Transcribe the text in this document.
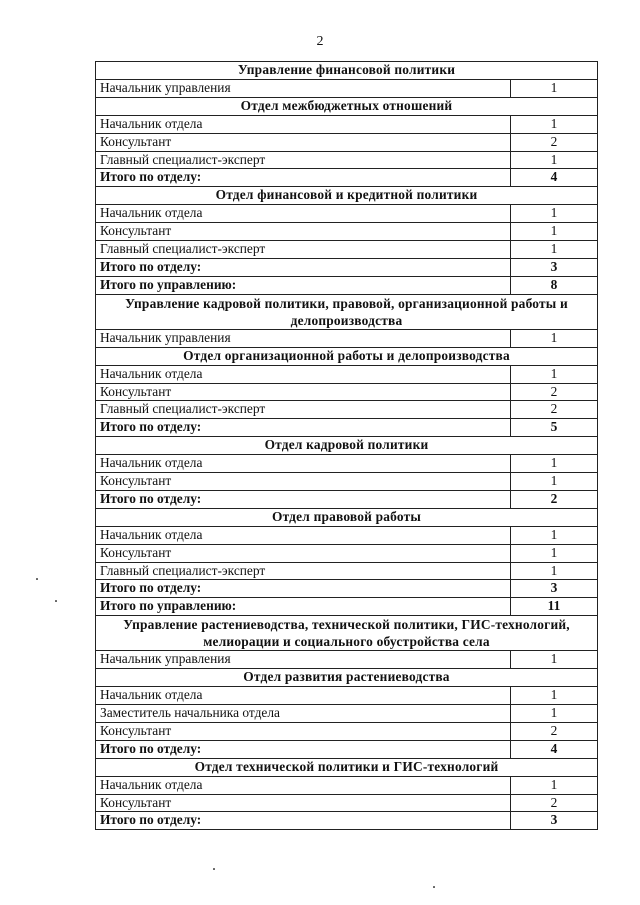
2
Управление финансовой политики	
Начальник управления	1
Отдел межбюджетных отношений	
Начальник отдела	1
Консультант	2
Главный специалист-эксперт	1
Итого по отделу:	4
Отдел финансовой и кредитной политики	
Начальник отдела	1
Консультант	1
Главный специалист-эксперт	1
Итого по отделу:	3
Итого по управлению:	8
Управление кадровой политики, правовой, организационной работы и делопроизводства	
Начальник управления	1
Отдел организационной работы и делопроизводства	
Начальник отдела	1
Консультант	2
Главный специалист-эксперт	2
Итого по отделу:	5
Отдел кадровой политики	
Начальник отдела	1
Консультант	1
Итого по отделу:	2
Отдел правовой работы	
Начальник отдела	1
Консультант	1
Главный специалист-эксперт	1
Итого по отделу:	3
Итого по управлению:	11
Управление растениеводства, технической политики, ГИС-технологий, мелиорации и социального обустройства села	
Начальник управления	1
Отдел развития растениеводства	
Начальник отдела	1
Заместитель начальника отдела	1
Консультант	2
Итого по отделу:	4
Отдел технической политики и ГИС-технологий	
Начальник отдела	1
Консультант	2
Итого по отделу:	3
